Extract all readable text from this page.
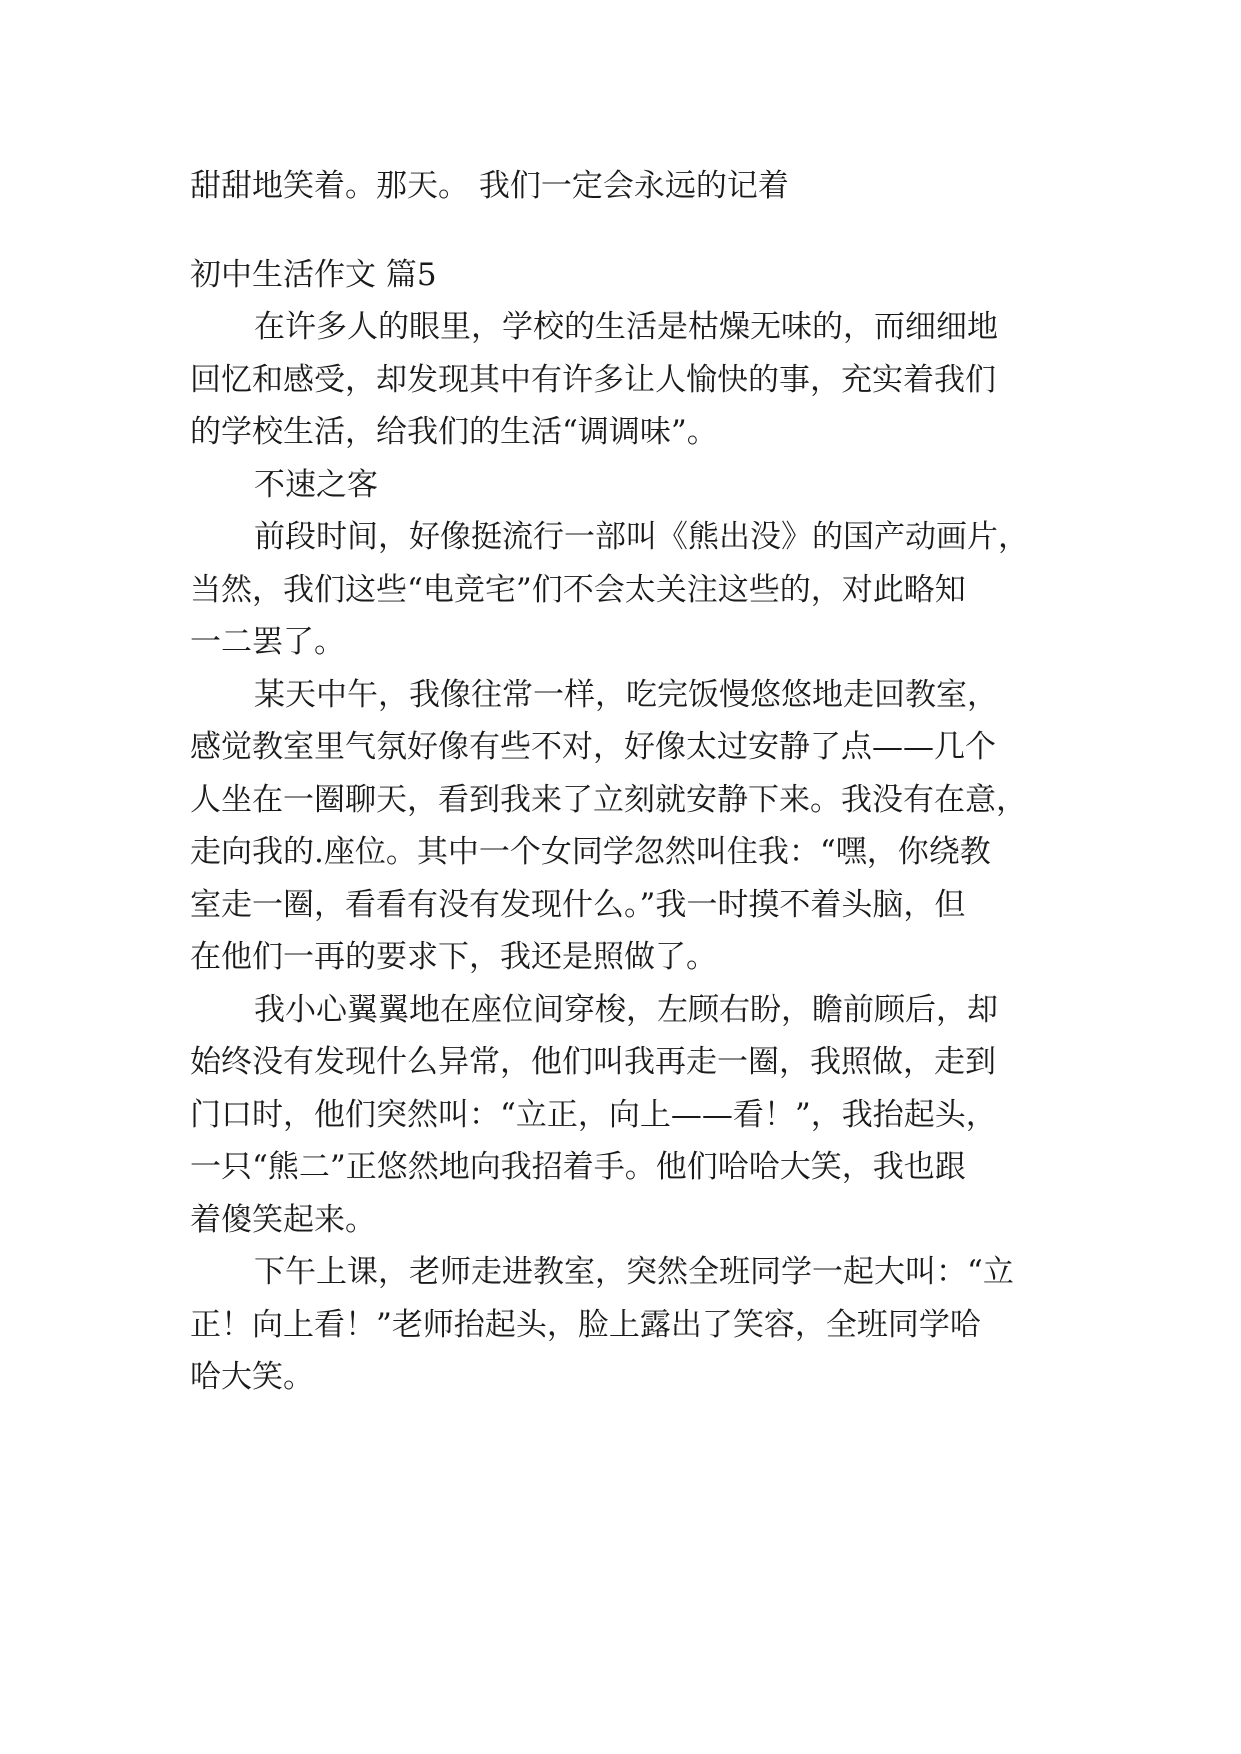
甜甜地笑着。那天。 我们一定会永远的记着

初中生活作文 篇5

在许多人的眼里，学校的生活是枯燥无味的，而细细地

回忆和感受，却发现其中有许多让人愉快的事，充实着我们

的学校生活，给我们的生活“调调味”。

不速之客

前段时间，好像挺流行一部叫《熊出没》的国产动画片，

当然，我们这些“电竞宅”们不会太关注这些的，对此略知

一二罢了。

某天中午，我像往常一样，吃完饭慢悠悠地走回教室，

感觉教室里气氛好像有些不对，好像太过安静了点——几个

人坐在一圈聊天，看到我来了立刻就安静下来。我没有在意，

走向我的.座位。其中一个女同学忽然叫住我：“嘿，你绕教

室走一圈，看看有没有发现什么。”我一时摸不着头脑，但

在他们一再的要求下，我还是照做了。

我小心翼翼地在座位间穿梭，左顾右盼，瞻前顾后，却

始终没有发现什么异常，他们叫我再走一圈，我照做，走到

门口时，他们突然叫：“立正，向上——看！”，我抬起头，

一只“熊二”正悠然地向我招着手。他们哈哈大笑，我也跟

着傻笑起来。

下午上课，老师走进教室，突然全班同学一起大叫：“立

正！向上看！”老师抬起头，脸上露出了笑容，全班同学哈

哈大笑。
